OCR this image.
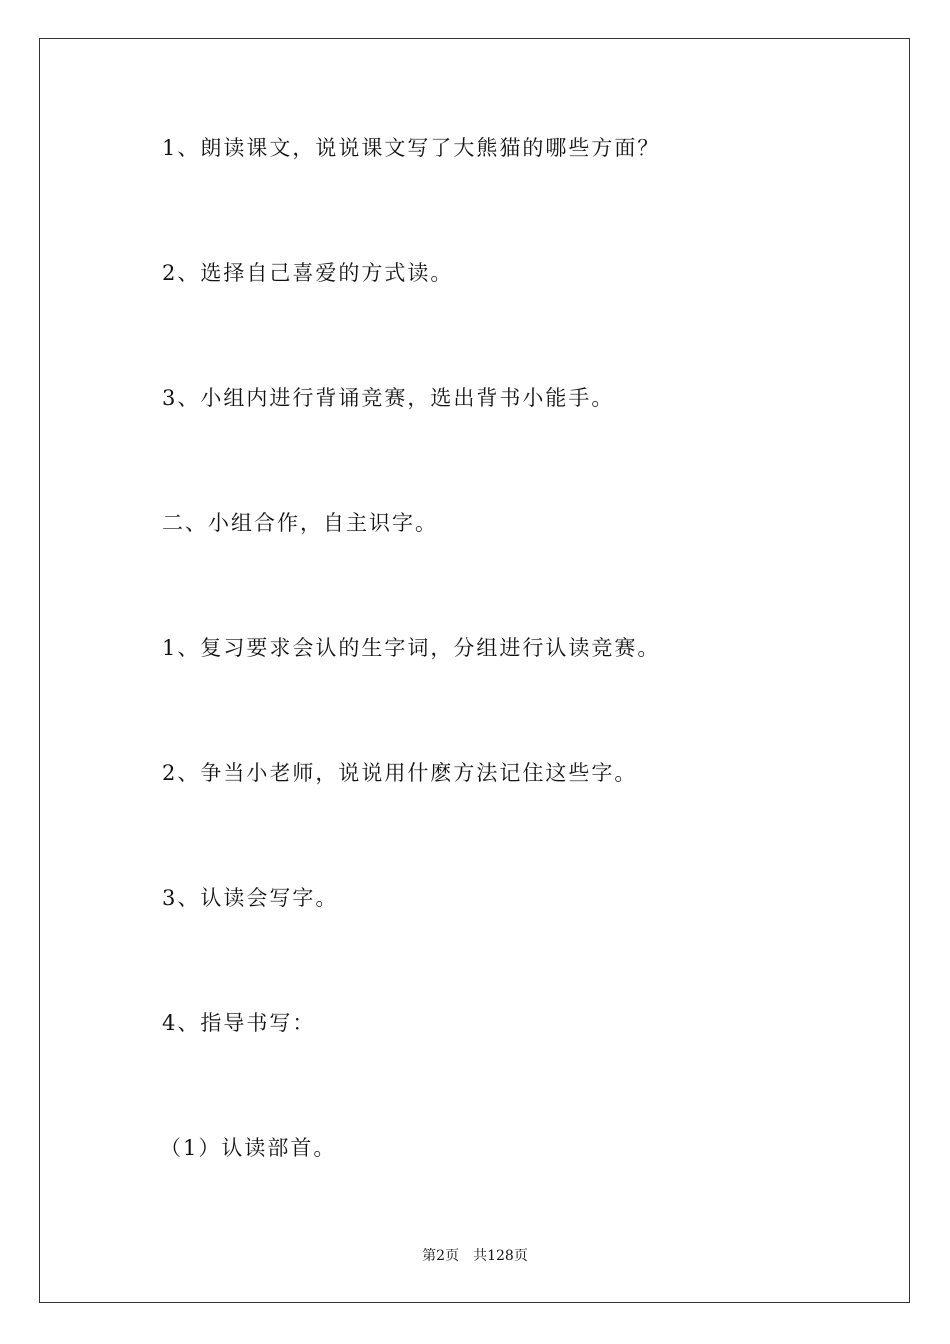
1、朗读课文，说说课文写了大熊猫的哪些方面？
2、选择自己喜爱的方式读。
3、小组内进行背诵竞赛，选出背书小能手。
二、小组合作，自主识字。
1、复习要求会认的生字词，分组进行认读竞赛。
2、争当小老师，说说用什麽方法记住这些字。
3、认读会写字。
4、指导书写：
（1）认读部首。
第2页 共128页
